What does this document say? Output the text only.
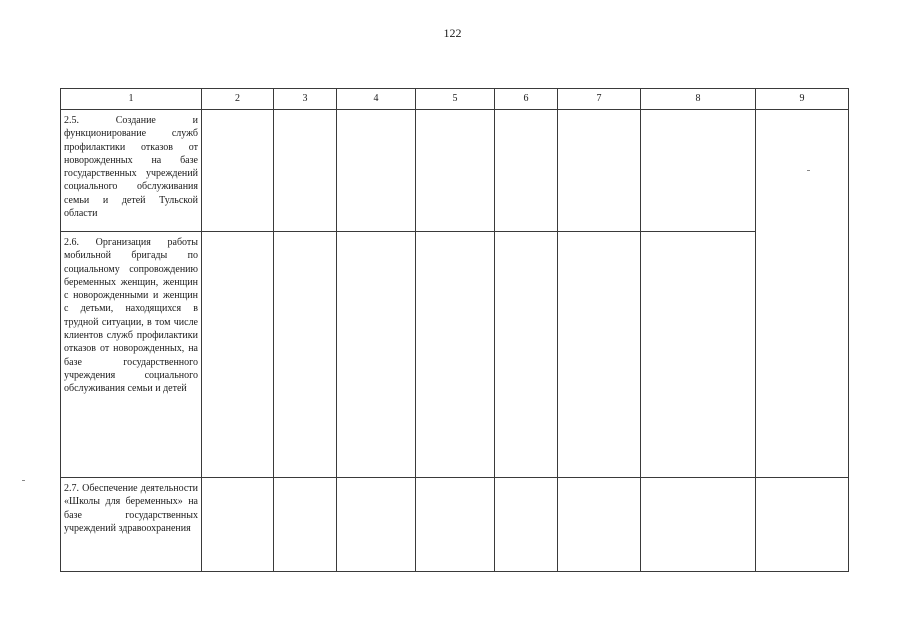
122
1	2	3	4	5	6	7	8	9
2.5. Создание и функционирование служб профилактики отказов от новорожденных на базе государственных учреждений социального обслуживания семьи и детей Тульской области								
2.6. Организация работы мобильной бригады по социальному сопровождению беременных женщин, женщин с новорожденными и женщин с детьми, находящихся в трудной ситуации, в том числе клиентов служб профилактики отказов от новорожденных, на базе государственного учреждения социального обслуживания семьи и детей								
2.7. Обеспечение деятельности «Школы для беременных» на базе государственных учреждений здравоохранения								
